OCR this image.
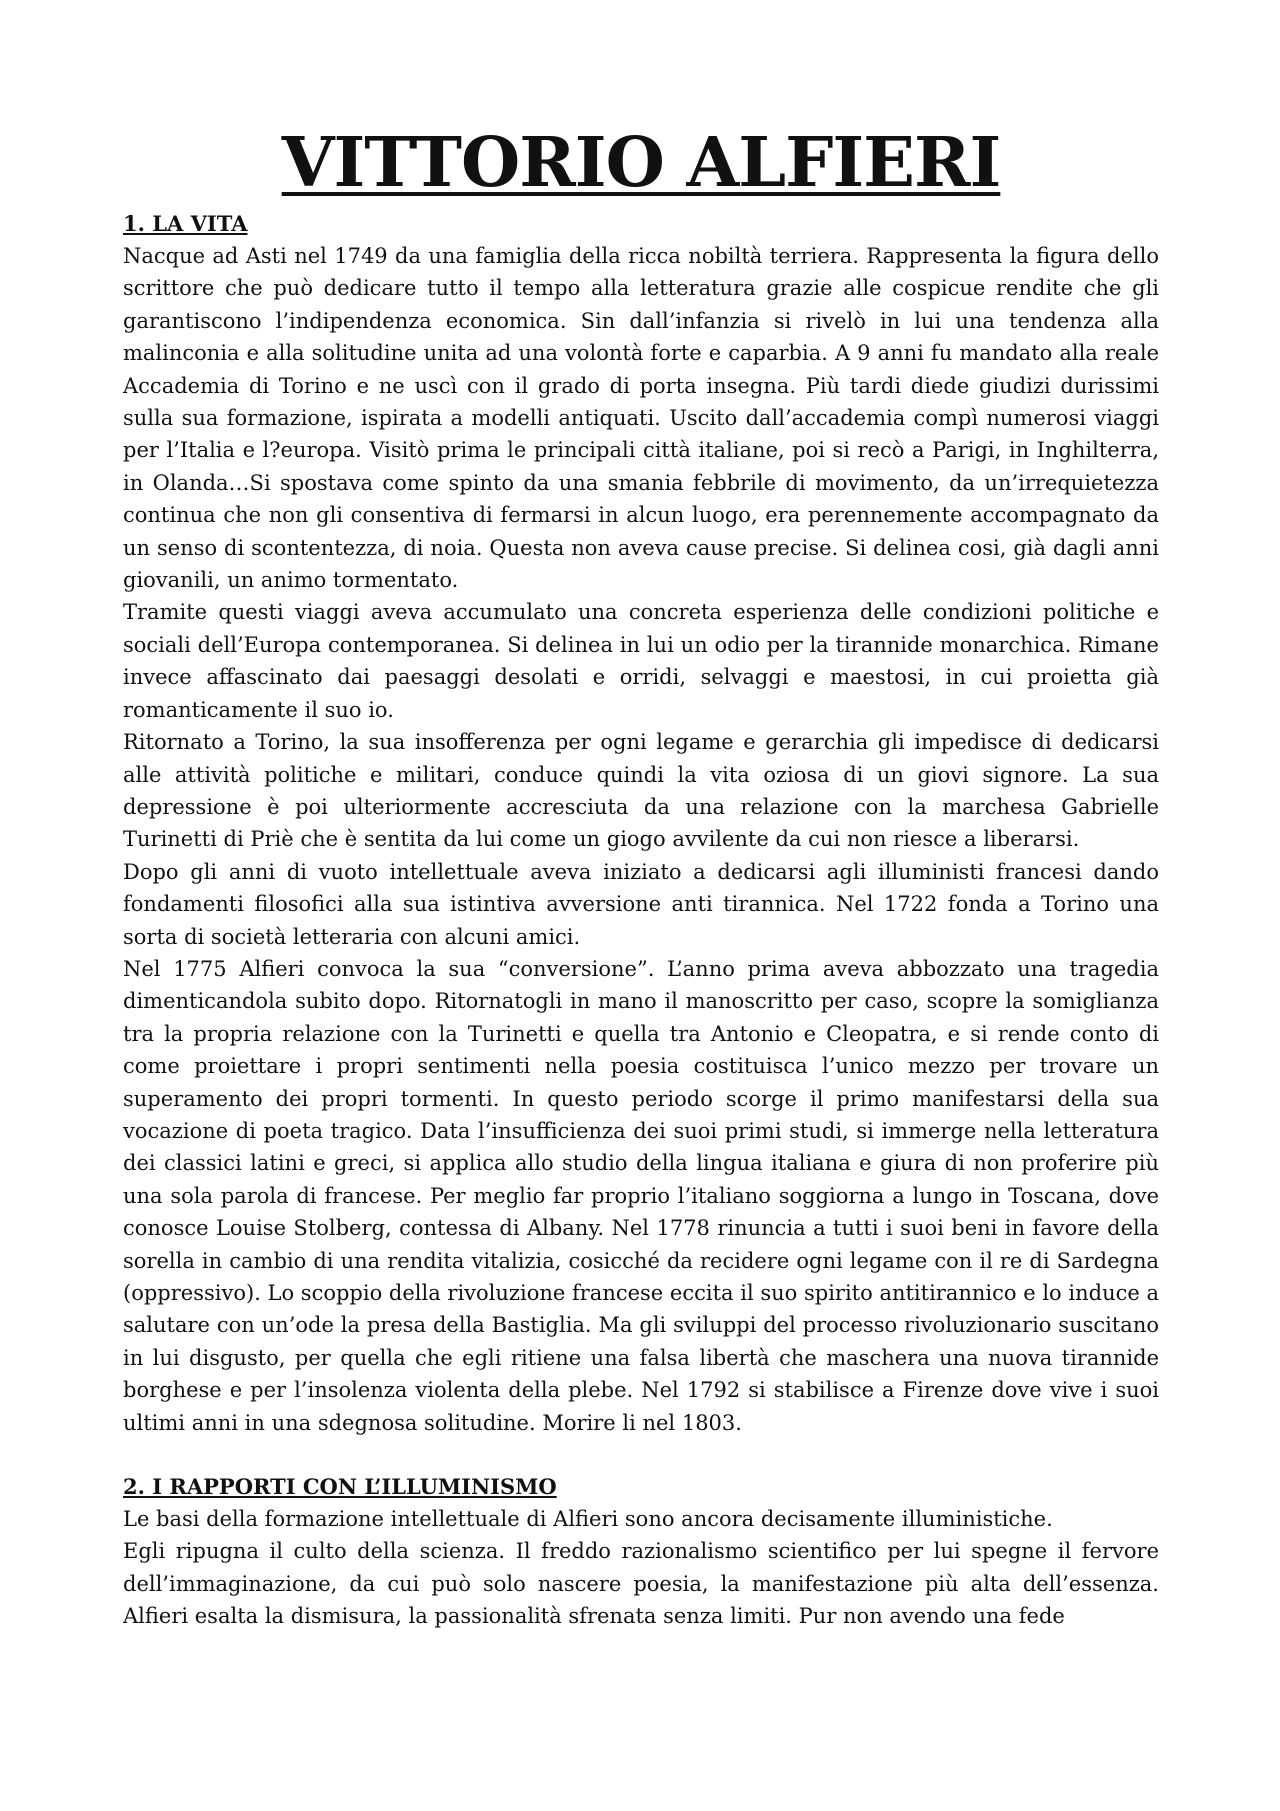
VITTORIO ALFIERI
1. LA VITA

Nacque ad Asti nel 1749 da una famiglia della ricca nobiltà terriera. Rappresenta la figura dello scrittore che può dedicare tutto il tempo alla letteratura grazie alle cospicue rendite che gli garantiscono l’indipendenza economica. Sin dall’infanzia si rivelò in lui una tendenza alla malinconia e alla solitudine unita ad una volontà forte e caparbia. A 9 anni fu mandato alla reale Accademia di Torino e ne uscì con il grado di porta insegna. Più tardi diede giudizi durissimi sulla sua formazione, ispirata a modelli antiquati. Uscito dall’accademia compì numerosi viaggi per l’Italia e l?europa. Visitò prima le principali città italiane, poi si recò a Parigi, in Inghilterra, in Olanda…Si spostava come spinto da una smania febbrile di movimento, da un’irrequietezza continua che non gli consentiva di fermarsi in alcun luogo, era perennemente accompagnato da un senso di scontentezza, di noia. Questa non aveva cause precise. Si delinea cosi, già dagli anni giovanili, un animo tormentato.

Tramite questi viaggi aveva accumulato una concreta esperienza delle condizioni politiche e sociali dell’Europa contemporanea. Si delinea in lui un odio per la tirannide monarchica. Rimane invece affascinato dai paesaggi desolati e orridi, selvaggi e maestosi, in cui proietta già romanticamente il suo io.

Ritornato a Torino, la sua insofferenza per ogni legame e gerarchia gli impedisce di dedicarsi alle attività politiche e militari, conduce quindi la vita oziosa di un giovi signore. La sua depressione è poi ulteriormente accresciuta da una relazione con la marchesa Gabrielle Turinetti di Priè che è sentita da lui come un giogo avvilente da cui non riesce a liberarsi.

Dopo gli anni di vuoto intellettuale aveva iniziato a dedicarsi agli illuministi francesi dando fondamenti filosofici alla sua istintiva avversione anti tirannica. Nel 1722 fonda a Torino una sorta di società letteraria con alcuni amici.

Nel 1775 Alfieri convoca la sua “conversione”. L’anno prima aveva abbozzato una tragedia dimenticandola subito dopo. Ritornatogli in mano il manoscritto per caso, scopre la somiglianza tra la propria relazione con la Turinetti e quella tra Antonio e Cleopatra, e si rende conto di come proiettare i propri sentimenti nella poesia costituisca l’unico mezzo per trovare un superamento dei propri tormenti. In questo periodo scorge il primo manifestarsi della sua vocazione di poeta tragico. Data l’insufficienza dei suoi primi studi, si immerge nella letteratura dei classici latini e greci, si applica allo studio della lingua italiana e giura di non proferire più una sola parola di francese. Per meglio far proprio l’italiano soggiorna a lungo in Toscana, dove conosce Louise Stolberg, contessa di Albany. Nel 1778 rinuncia a tutti i suoi beni in favore della sorella in cambio di una rendita vitalizia, cosicché da recidere ogni legame con il re di Sardegna (oppressivo). Lo scoppio della rivoluzione francese eccita il suo spirito antitirannico e lo induce a salutare con un’ode la presa della Bastiglia. Ma gli sviluppi del processo rivoluzionario suscitano in lui disgusto, per quella che egli ritiene una falsa libertà che maschera una nuova tirannide borghese e per l’insolenza violenta della plebe. Nel 1792 si stabilisce a Firenze dove vive i suoi ultimi anni in una sdegnosa solitudine. Morire li nel 1803.

2. I RAPPORTI CON L’ILLUMINISMO

Le basi della formazione intellettuale di Alfieri sono ancora decisamente illuministiche.

Egli ripugna il culto della scienza. Il freddo razionalismo scientifico per lui spegne il fervore dell’immaginazione, da cui può solo nascere poesia, la manifestazione più alta dell’essenza. Alfieri esalta la dismisura, la passionalità sfrenata senza limiti. Pur non avendo una fede
